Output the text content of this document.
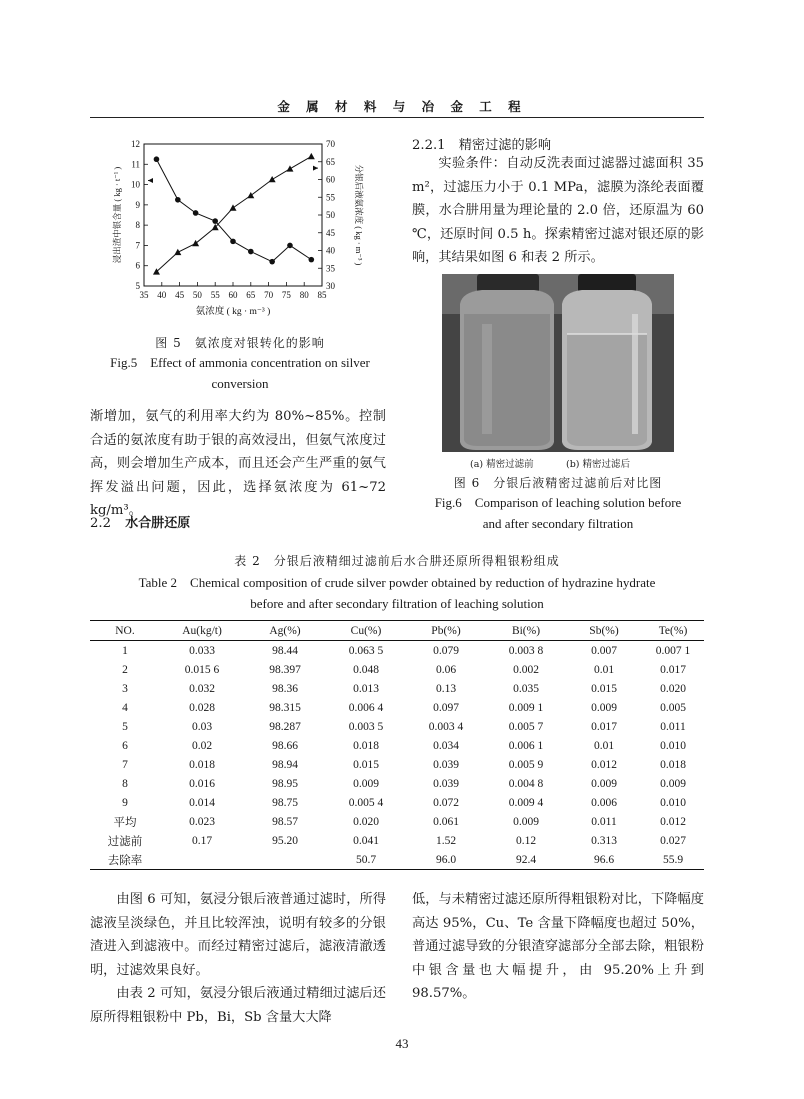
金 属 材 料 与 冶 金 工 程
35 40 45 50 55 60 65 70 75 80 85
5
6
7
8
9
10
11
12
30
35
40
45
50
55
60
65
70
氨浓度 ( kg · m⁻³ )
浸出渣中银含量 ( kg · t⁻¹ )	分银后液氨浓度 ( kg · m⁻³ )
图 5　氨浓度对银转化的影响
Fig.5　Effect of ammonia concentration on silver
conversion

渐增加，氨气的利用率大约为 80%~85%。控制合适的氨浓度有助于银的高效浸出，但氨气浓度过高，则会增加生产成本，而且还会产生严重的氨气挥发溢出问题，因此，选择氨浓度为 61~72 kg/m³。

2.2 水合肼还原
2.2.1　精密过滤的影响

实验条件：自动反洗表面过滤器过滤面积 35 m²，过滤压力小于 0.1 MPa，滤膜为涤纶表面覆膜，水合肼用量为理论量的 2.0 倍，还原温为 60 ℃，还原时间 0.5 h。探索精密过滤对银还原的影响，其结果如图 6 和表 2 所示。

(a) 精密过滤前	(b) 精密过滤后
图 6　分银后液精密过滤前后对比图
Fig.6　Comparison of leaching solution before
and after secondary filtration
表 2　分银后液精细过滤前后水合肼还原所得粗银粉组成
Table 2　Chemical composition of crude silver powder obtained by reduction of hydrazine hydrate
before and after secondary filtration of leaching solution
NO.	Au(kg/t)	Ag(%)	Cu(%)	Pb(%)	Bi(%)	Sb(%)	Te(%)
1	0.033	98.44	0.063 5	0.079	0.003 8	0.007	0.007 1
2	0.015 6	98.397	0.048	0.06	0.002	0.01	0.017
3	0.032	98.36	0.013	0.13	0.035	0.015	0.020
4	0.028	98.315	0.006 4	0.097	0.009 1	0.009	0.005
5	0.03	98.287	0.003 5	0.003 4	0.005 7	0.017	0.011
6	0.02	98.66	0.018	0.034	0.006 1	0.01	0.010
7	0.018	98.94	0.015	0.039	0.005 9	0.012	0.018
8	0.016	98.95	0.009	0.039	0.004 8	0.009	0.009
9	0.014	98.75	0.005 4	0.072	0.009 4	0.006	0.010
平均	0.023	98.57	0.020	0.061	0.009	0.011	0.012
过滤前	0.17	95.20	0.041	1.52	0.12	0.313	0.027
去除率			50.7	96.0	92.4	96.6	55.9

由图 6 可知，氨浸分银后液普通过滤时，所得滤液呈淡绿色，并且比较浑浊，说明有较多的分银渣进入到滤液中。而经过精密过滤后，滤液清澈透明，过滤效果良好。

由表 2 可知，氨浸分银后液通过精细过滤后还原所得粗银粉中 Pb，Bi，Sb 含量大大降

低，与未精密过滤还原所得粗银粉对比，下降幅度高达 95%，Cu、Te 含量下降幅度也超过 50%，普通过滤导致的分银渣穿滤部分全部去除，粗银粉中银含量也大幅提升，由 95.20%上升到 98.57%。

43
